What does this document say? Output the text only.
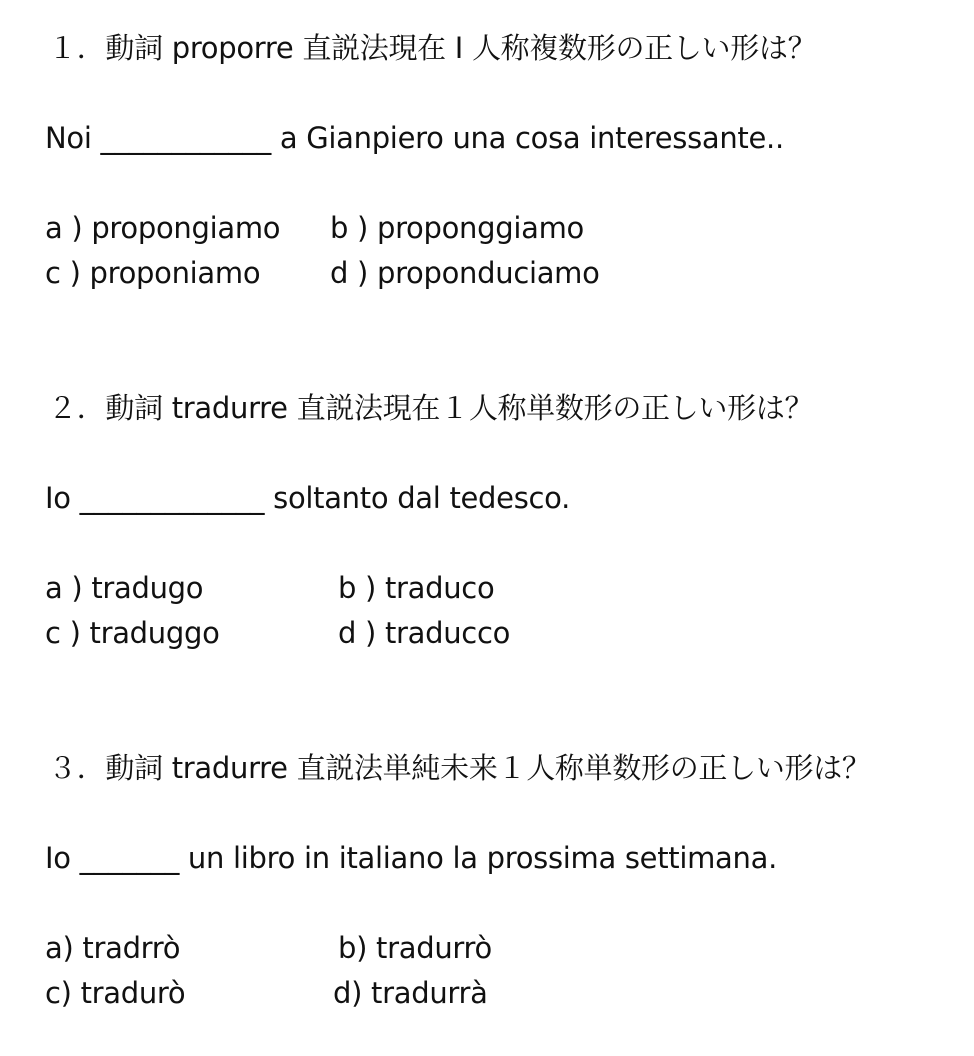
１．動詞 proporre 直説法現在 I 人称複数形の正しい形は？
Noi ____________ a Gianpiero una cosa interessante..
a ) propongiamo b ) proponggiamo
c ) proponiamo d ) proponduciamo
２．動詞 tradurre 直説法現在１人称単数形の正しい形は？
Io _____________ soltanto dal tedesco.
a ) tradugo	b ) traduco
c ) traduggo	d ) traducco
３．動詞 tradurre 直説法単純未来１人称単数形の正しい形は？
Io _______ un libro in italiano la prossima settimana.
a) tradrrò	b) tradurrò
c) tradurò	d) tradurrà
